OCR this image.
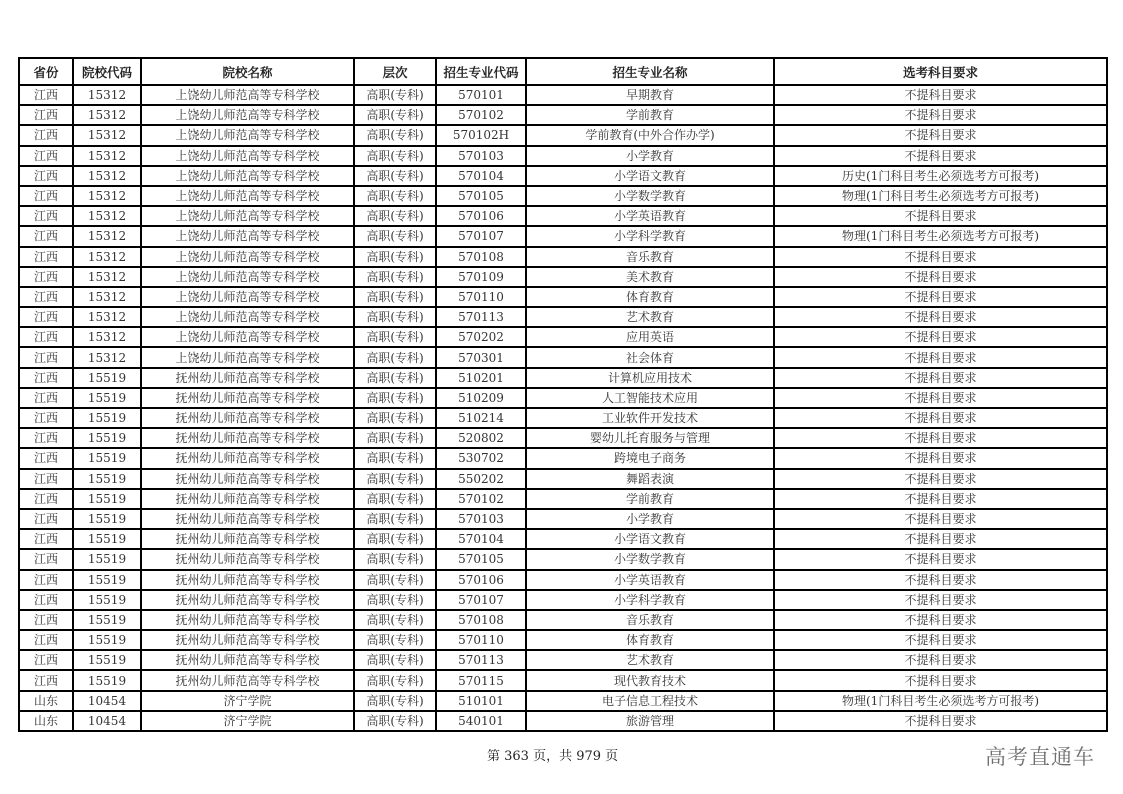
省份	院校代码	院校名称	层次	招生专业代码	招生专业名称	选考科目要求
江西	15312	上饶幼儿师范高等专科学校	高职(专科)	570101	早期教育	不提科目要求
江西	15312	上饶幼儿师范高等专科学校	高职(专科)	570102	学前教育	不提科目要求
江西	15312	上饶幼儿师范高等专科学校	高职(专科)	570102H	学前教育(中外合作办学)	不提科目要求
江西	15312	上饶幼儿师范高等专科学校	高职(专科)	570103	小学教育	不提科目要求
江西	15312	上饶幼儿师范高等专科学校	高职(专科)	570104	小学语文教育	历史(1门科目考生必须选考方可报考)
江西	15312	上饶幼儿师范高等专科学校	高职(专科)	570105	小学数学教育	物理(1门科目考生必须选考方可报考)
江西	15312	上饶幼儿师范高等专科学校	高职(专科)	570106	小学英语教育	不提科目要求
江西	15312	上饶幼儿师范高等专科学校	高职(专科)	570107	小学科学教育	物理(1门科目考生必须选考方可报考)
江西	15312	上饶幼儿师范高等专科学校	高职(专科)	570108	音乐教育	不提科目要求
江西	15312	上饶幼儿师范高等专科学校	高职(专科)	570109	美术教育	不提科目要求
江西	15312	上饶幼儿师范高等专科学校	高职(专科)	570110	体育教育	不提科目要求
江西	15312	上饶幼儿师范高等专科学校	高职(专科)	570113	艺术教育	不提科目要求
江西	15312	上饶幼儿师范高等专科学校	高职(专科)	570202	应用英语	不提科目要求
江西	15312	上饶幼儿师范高等专科学校	高职(专科)	570301	社会体育	不提科目要求
江西	15519	抚州幼儿师范高等专科学校	高职(专科)	510201	计算机应用技术	不提科目要求
江西	15519	抚州幼儿师范高等专科学校	高职(专科)	510209	人工智能技术应用	不提科目要求
江西	15519	抚州幼儿师范高等专科学校	高职(专科)	510214	工业软件开发技术	不提科目要求
江西	15519	抚州幼儿师范高等专科学校	高职(专科)	520802	婴幼儿托育服务与管理	不提科目要求
江西	15519	抚州幼儿师范高等专科学校	高职(专科)	530702	跨境电子商务	不提科目要求
江西	15519	抚州幼儿师范高等专科学校	高职(专科)	550202	舞蹈表演	不提科目要求
江西	15519	抚州幼儿师范高等专科学校	高职(专科)	570102	学前教育	不提科目要求
江西	15519	抚州幼儿师范高等专科学校	高职(专科)	570103	小学教育	不提科目要求
江西	15519	抚州幼儿师范高等专科学校	高职(专科)	570104	小学语文教育	不提科目要求
江西	15519	抚州幼儿师范高等专科学校	高职(专科)	570105	小学数学教育	不提科目要求
江西	15519	抚州幼儿师范高等专科学校	高职(专科)	570106	小学英语教育	不提科目要求
江西	15519	抚州幼儿师范高等专科学校	高职(专科)	570107	小学科学教育	不提科目要求
江西	15519	抚州幼儿师范高等专科学校	高职(专科)	570108	音乐教育	不提科目要求
江西	15519	抚州幼儿师范高等专科学校	高职(专科)	570110	体育教育	不提科目要求
江西	15519	抚州幼儿师范高等专科学校	高职(专科)	570113	艺术教育	不提科目要求
江西	15519	抚州幼儿师范高等专科学校	高职(专科)	570115	现代教育技术	不提科目要求
山东	10454	济宁学院	高职(专科)	510101	电子信息工程技术	物理(1门科目考生必须选考方可报考)
山东	10454	济宁学院	高职(专科)	540101	旅游管理	不提科目要求
第 363 页，共 979 页	高考直通车
